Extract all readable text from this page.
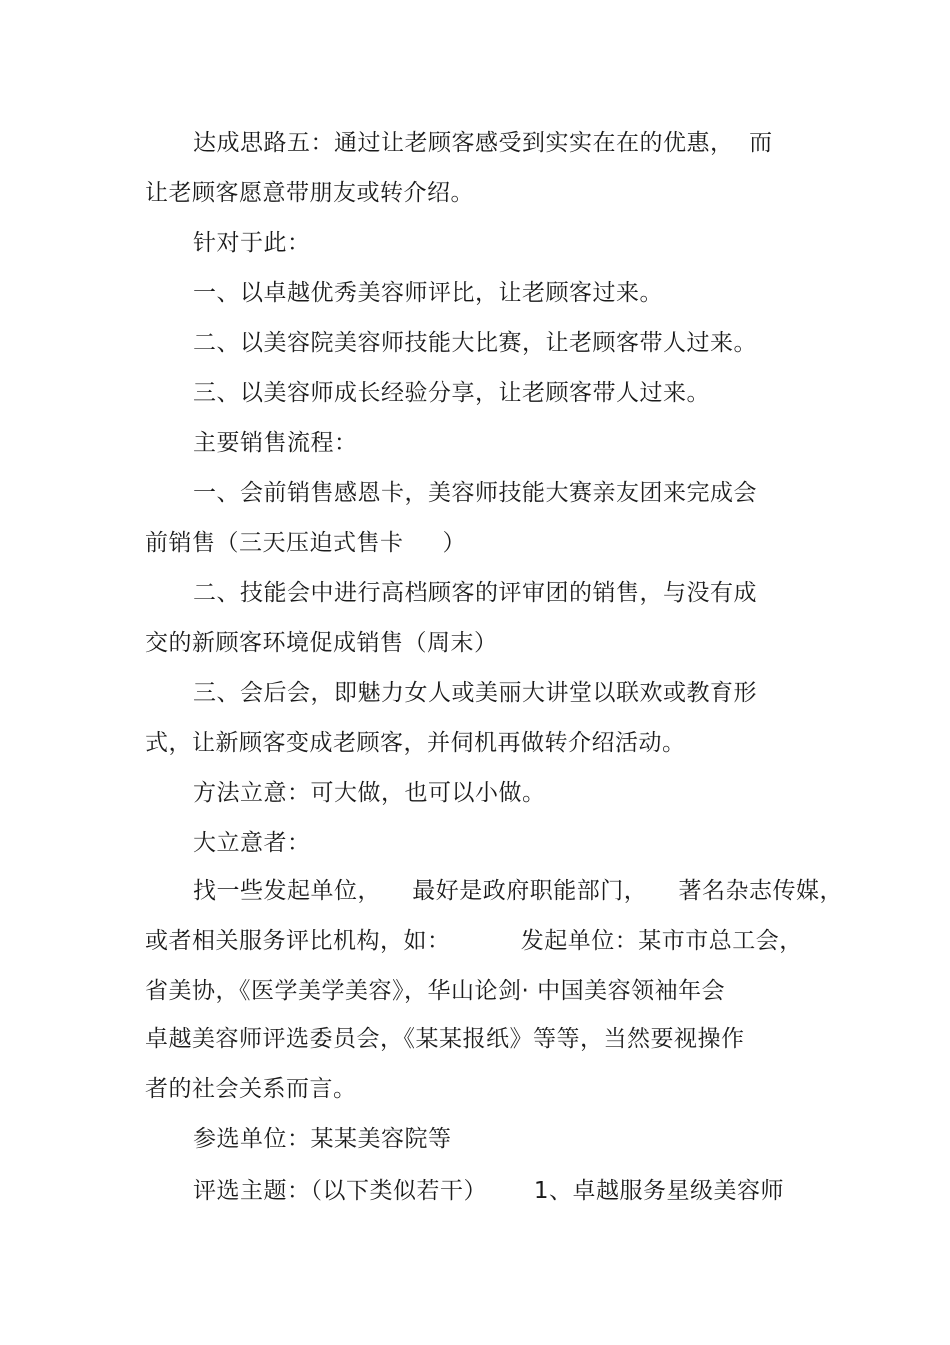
达成思路五：通过让老顾客感受到实实在在的优惠，  而
让老顾客愿意带朋友或转介绍。
针对于此：
一、以卓越优秀美容师评比，让老顾客过来。
二、以美容院美容师技能大比赛，让老顾客带人过来。
三、以美容师成长经验分享，让老顾客带人过来。
主要销售流程：
一、会前销售感恩卡，美容师技能大赛亲友团来完成会
前销售（三天压迫式售卡     ）
二、技能会中进行高档顾客的评审团的销售，与没有成
交的新顾客环境促成销售（周末）
三、会后会，即魅力女人或美丽大讲堂以联欢或教育形
式，让新顾客变成老顾客，并伺机再做转介绍活动。
方法立意：可大做，也可以小做。
大立意者：
找一些发起单位，    最好是政府职能部门，    著名杂志传媒，
或者相关服务评比机构，如：         发起单位：某市市总工会，
省美协，《医学美学美容》，华山论剑· 中国美容领袖年会
卓越美容师评选委员会，《某某报纸》等等，当然要视操作
者的社会关系而言。
参选单位：某某美容院等
评选主题：（以下类似若干）      1、卓越服务星级美容师
